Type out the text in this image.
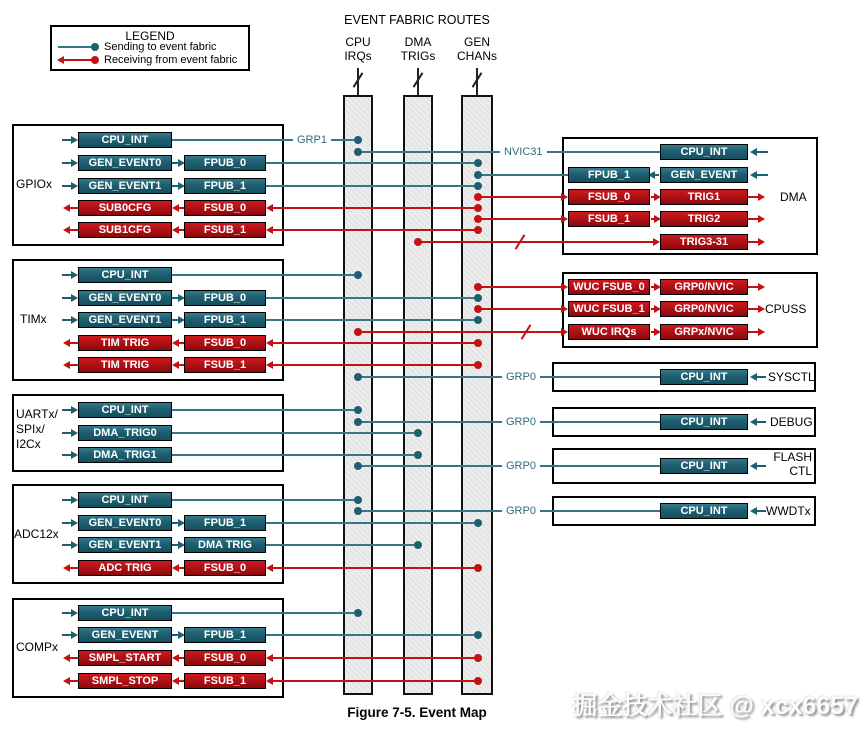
LEGEND
Sending to event fabric
Receiving from event fabric
EVENT FABRIC ROUTES
CPU
IRQs
DMA
TRIGs
GEN
CHANs
GPIOx
TIMx
UARTx/
SPIx/
I2Cx
ADC12x
COMPx
DMA
CPUSS
SYSCTL
DEBUG
FLASH
CTL
WWDTx
GRP1
NVIC31
GRP0
GRP0
GRP0
GRP0
CPU_INT
GEN_EVENT0	FPUB_0
GEN_EVENT1	FPUB_1
SUB0CFG	FSUB_0
SUB1CFG	FSUB_1
CPU_INT
GEN_EVENT0	FPUB_0
GEN_EVENT1	FPUB_1
TIM TRIG	FSUB_0
TIM TRIG	FSUB_1
CPU_INT
DMA_TRIG0
DMA_TRIG1
CPU_INT
GEN_EVENT0	FPUB_1
GEN_EVENT1	DMA TRIG
ADC TRIG	FSUB_0
CPU_INT
GEN_EVENT	FPUB_1
SMPL_START	FSUB_0
SMPL_STOP	FSUB_1
CPU_INT
FPUB_1	GEN_EVENT
FSUB_0	TRIG1
FSUB_1	TRIG2
TRIG3-31
WUC FSUB_0	GRP0/NVIC
WUC FSUB_1	GRP0/NVIC
WUC IRQs	GRPx/NVIC
CPU_INT
CPU_INT
CPU_INT
CPU_INT
Figure 7-5. Event Map	掘金技术社区 @ xcx6657
